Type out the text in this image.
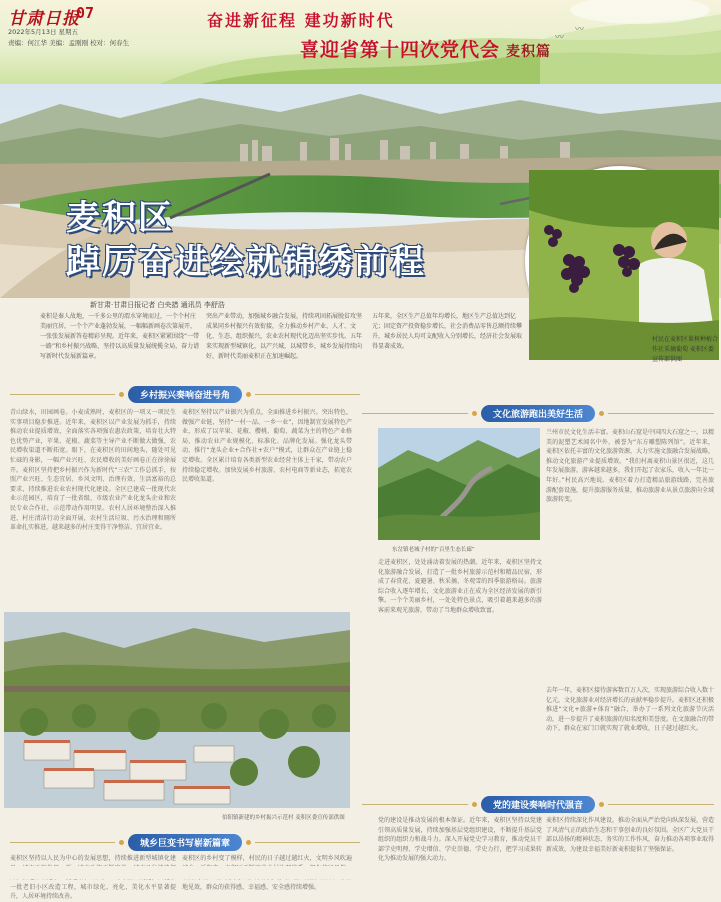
甘肃日报
07
2022年5月13日 星期五
责编：何江华 美编：孟刚刚 校对：何春生
奋进新征程 建功新时代
喜迎省第十四次党代会 麦积篇
〰
〰
麦积区
踔厉奋进绘就锦绣前程
村民在麦积区果树种植合作社采摘葡萄 麦积区委宣传部供图
新甘肃·甘肃日报记者 白央措 通讯员 李舒浩
麦积是秦人故地，一千多公里的渭水穿境而过，一个个村庄美丽宜居，一个个产业蓬勃发展，一幅幅新画卷次第展开，一张张发展新答卷精彩呈现。近年来，麦积区紧紧围绕“一带一路”和乡村振兴战略，坚持以高质量发展统揽全局，奋力谱写新时代发展新篇章。
突出产业带动，加强城乡融合发展，持续巩固拓展脱贫攻坚成果同乡村振兴有效衔接，全力推动乡村产业、人才、文化、生态、组织振兴，农业农村现代化迈出坚实步伐。五年来实现新型城镇化，以产兴城，以城带乡，城乡发展持续向好，新时代美丽麦积正在加速崛起。
五年来，全区生产总值年均增长，地区生产总值达到亿元；固定资产投资稳步增长，社会消费品零售总额持续攀升，城乡居民人均可支配收入分别增长，经济社会发展取得显著成效。
乡村振兴奏响奋进号角
青山绿水，田园画卷。小麦成熟时，麦积区的一项又一项民生实事项目稳步推进。近年来，麦积区以产业发展为抓手，持续推动农业提质增效，全面落实各项强农惠农政策，培育壮大特色优势产业，苹果、花椒、蔬菜等主导产业不断做大做强，农民增收渠道不断拓宽。眼下，在麦积区的田间地头，随处可见忙碌的身影，一幅产业兴旺、农民增收的美好画卷正在徐徐展开。麦积区坚持把乡村振兴作为新时代“三农”工作总抓手，按照产业兴旺、生态宜居、乡风文明、治理有效、生活富裕的总要求，持续推进农业农村现代化建设。全区已建成一批现代农业示范园区，培育了一批省级、市级农业产业化龙头企业和农民专业合作社，示范带动作用明显。农村人居环境整治深入推进，村庄清洁行动全面开展，农村生活垃圾、污水治理和厕所革命扎实推进，越来越多的村庄变得干净整洁、宜居宜业。
麦积区坚持以产业振兴为重点，全面推进乡村振兴。突出特色，做强产业链，坚持“一村一品、一乡一业”，因地制宜发展特色产业，形成了以苹果、花椒、樱桃、葡萄、蔬菜为主的特色产业格局，推动农业产业规模化、标准化、品牌化发展。强化龙头带动，推行“龙头企业+合作社+农户”模式，让群众在产业链上稳定增收。全区累计培育各类新型农业经营主体上千家，带动农户持续稳定增收。加快发展乡村旅游、农村电商等新业态，拓宽农民增收渠道。
伯阳镇新建的乡村振兴示范村 麦积区委宣传部供图
城乡巨变书写崭新篇章
麦积区坚持以人民为中心的发展思想，持续推进新型城镇化建 一批老旧小区改造工程，城市绿化、亮化、美化水平显著提升，人居环境持续改善。
麦积区的乡村变了模样，村民的日子越过越红火，文明乡风吹遍 地见效，群众的获得感、幸福感、安全感持续增强。
文化旅游跑出美好生活
东岔镇老城子村的“百里生态长廊”
兰州市民文化生活丰富。麦积山石窟是中国四大石窟之一，以精美的泥塑艺术闻名中外，被誉为“东方雕塑陈列馆”。近年来，麦积区依托丰富的文化旅游资源，大力实施文旅融合发展战略，推动文化旅游产业提质增效。“我们村离麦积山景区很近，这几年发展旅游，游客越来越多，我们开起了农家乐，收入一年比一年好。”村民高兴地说。麦积区着力打造精品旅游线路，完善旅游配套设施，提升旅游服务质量，推动旅游业从景点旅游向全域旅游转变。
走进麦积区，处处涌动着发展的热潮。近年来，麦积区坚持文化旅游融合发展，打造了一批乡村旅游示范村和精品民宿，形成了春赏花、夏避暑、秋采摘、冬观雪的四季旅游格局。旅游综合收入逐年增长，文化旅游业正在成为全区经济发展的新引擎。一个个美丽乡村，一处处特色景点，吸引着越来越多的游客前来观光旅游，带动了当地群众增收致富。
去年一年，麦积区接待游客数百万人次，实现旅游综合收入数十亿元，文化旅游业对经济增长的贡献率稳步提升。麦积区还积极推进“文化+旅游+体育”融合，举办了一系列文化旅游节庆活动，进一步提升了麦积旅游的知名度和美誉度。在文旅融合的带动下，群众在家门口就实现了就业增收，日子越过越红火。
党的建设奏响时代强音
党的建设是推动发展的根本保证。近年来，麦积区坚持以党建引领高质量发展，持续加强基层党组织建设，不断提升基层党组织的组织力和战斗力。深入开展党史学习教育，推动党员干部学史明理、学史增信、学史崇德、学史力行，把学习成果转化为推动发展的强大动力。
麦积区持续深化作风建设，推动全面从严治党向纵深发展，营造了风清气正的政治生态和干事创业的良好氛围。全区广大党员干部以昂扬的精神状态、务实的工作作风，奋力推动各项事业取得新成效，为建设幸福美好新麦积提供了坚强保证。
